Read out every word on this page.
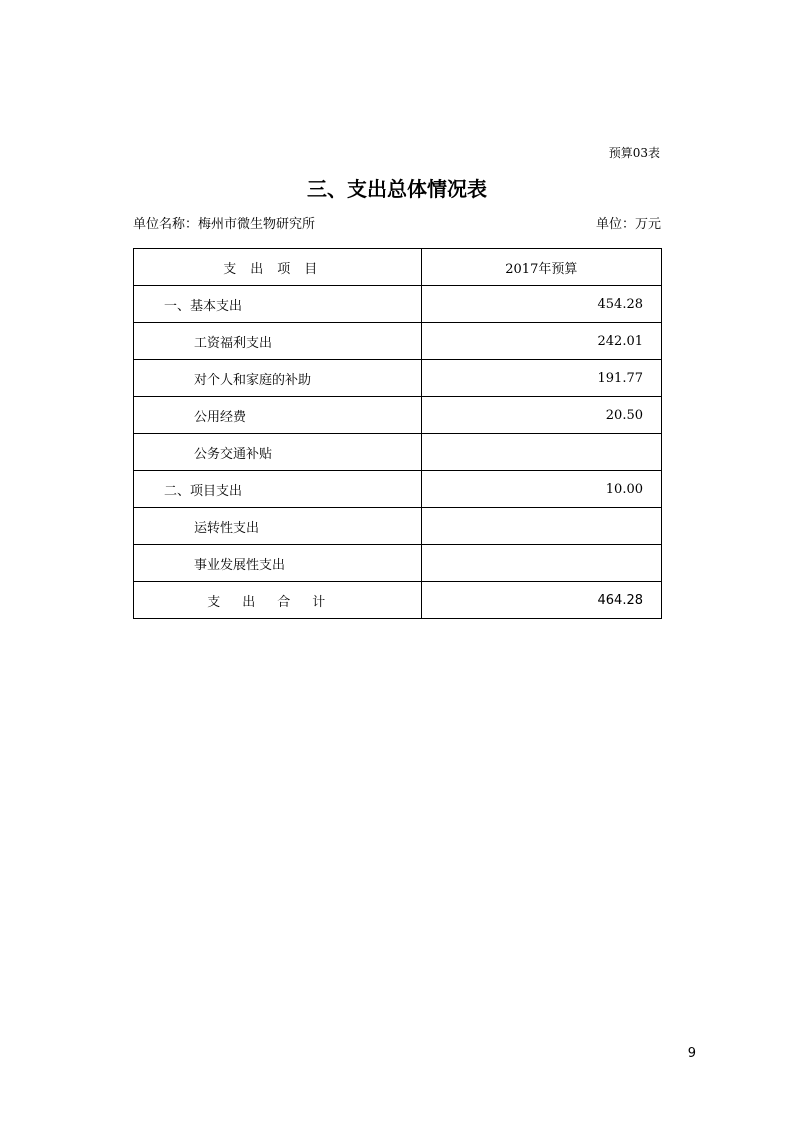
预算03表
三、支出总体情况表
单位名称：梅州市微生物研究所	单位：万元
支出项目	2017年预算
一、基本支出	454.28
工资福利支出	242.01
对个人和家庭的补助	191.77
公用经费	20.50
公务交通补贴	
二、项目支出	10.00
运转性支出	
事业发展性支出	
支出合计	464.28
9
